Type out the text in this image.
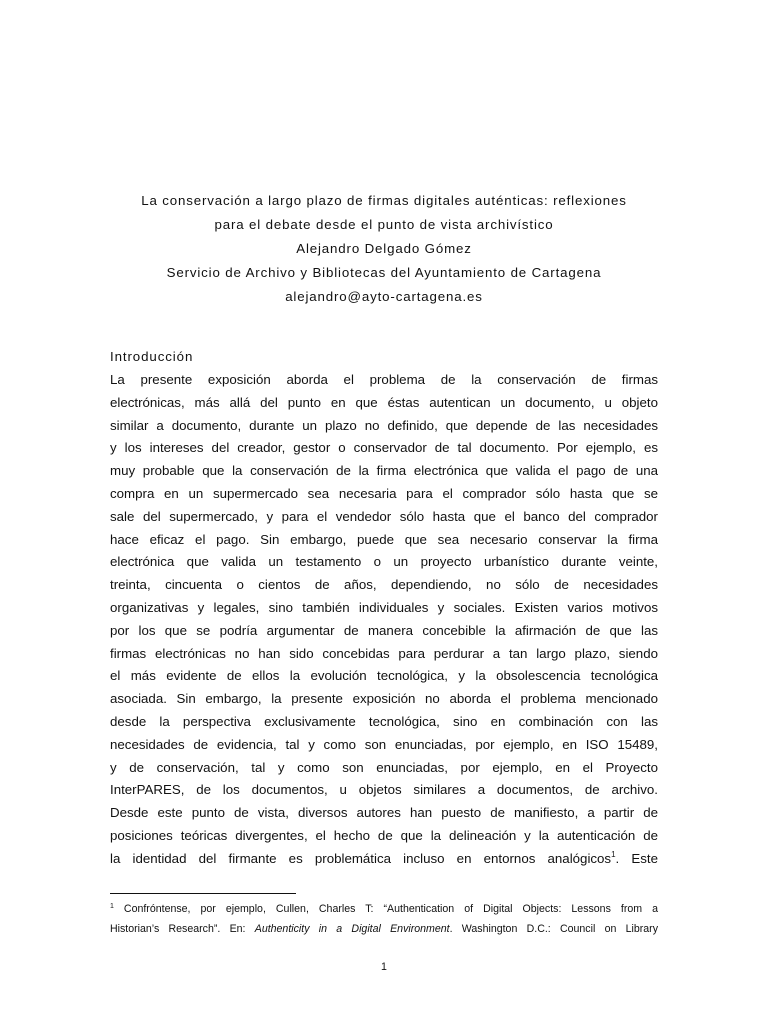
La conservación a largo plazo de firmas digitales auténticas: reflexiones
para el debate desde el punto de vista archivístico
Alejandro Delgado Gómez
Servicio de Archivo y Bibliotecas del Ayuntamiento de Cartagena
alejandro@ayto-cartagena.es
Introducción
La presente exposición aborda el problema de la conservación de firmas
electrónicas, más allá del punto en que éstas autentican un documento, u objeto
similar a documento, durante un plazo no definido, que depende de las necesidades
y los intereses del creador, gestor o conservador de tal documento. Por ejemplo, es
muy probable que la conservación de la firma electrónica que valida el pago de una
compra en un supermercado sea necesaria para el comprador sólo hasta que se
sale del supermercado, y para el vendedor sólo hasta que el banco del comprador
hace eficaz el pago. Sin embargo, puede que sea necesario conservar la firma
electrónica que valida un testamento o un proyecto urbanístico durante veinte,
treinta, cincuenta o cientos de años, dependiendo, no sólo de necesidades
organizativas y legales, sino también individuales y sociales. Existen varios motivos
por los que se podría argumentar de manera concebible la afirmación de que las
firmas electrónicas no han sido concebidas para perdurar a tan largo plazo, siendo
el más evidente de ellos la evolución tecnológica, y la obsolescencia tecnológica
asociada. Sin embargo, la presente exposición no aborda el problema mencionado
desde la perspectiva exclusivamente tecnológica, sino en combinación con las
necesidades de evidencia, tal y como son enunciadas, por ejemplo, en ISO 15489,
y de conservación, tal y como son enunciadas, por ejemplo, en el Proyecto
InterPARES, de los documentos, u objetos similares a documentos, de archivo.
Desde este punto de vista, diversos autores han puesto de manifiesto, a partir de
posiciones teóricas divergentes, el hecho de que la delineación y la autenticación de
la identidad del firmante es problemática incluso en entornos analógicos$^1$. Este
$^1$ Confróntense, por ejemplo, Cullen, Charles T: “Authentication of Digital Objects: Lessons from a
Historian’s Research”. En: Authenticity in a Digital Environment. Washington D.C.: Council on Library
1
